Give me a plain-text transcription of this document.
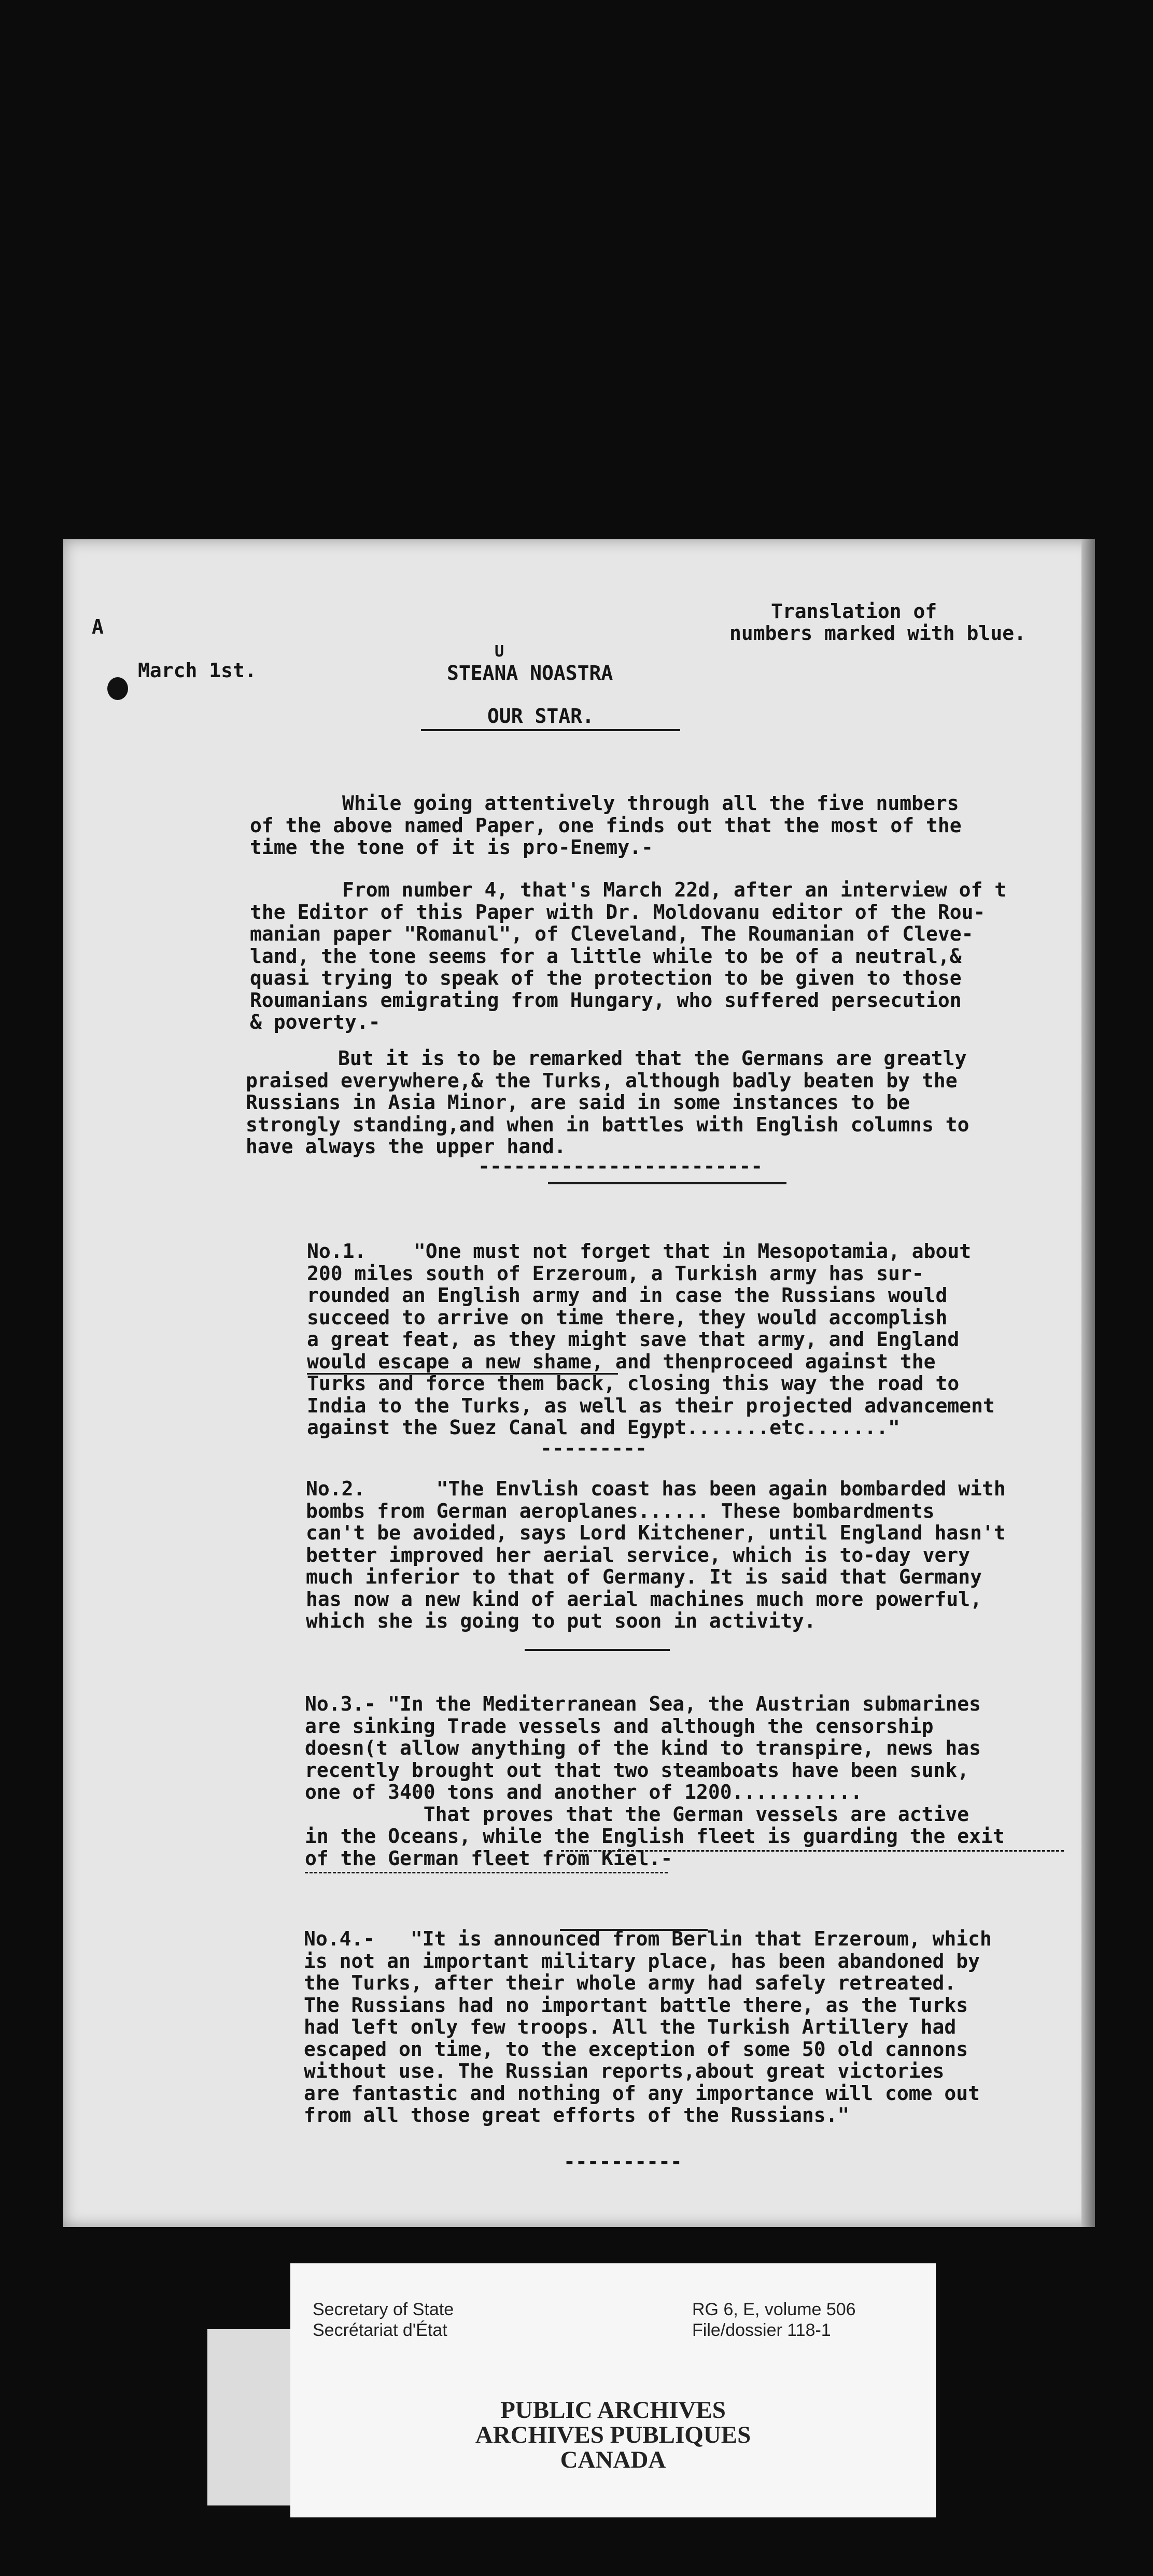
Translation of
numbers marked with blue.
A
March 1st.
U
STEANA NOASTRA
OUR STAR.
While going attentively through all the five numbers
of the above named Paper, one finds out that the most of the
time the tone of it is pro-Enemy.-
From number 4, that's March 22d, after an interview of t
the Editor of this Paper with Dr. Moldovanu editor of the Rou-
manian paper "Romanul", of Cleveland, The Roumanian of Cleve-
land, the tone seems for a little while to be of a neutral,&
quasi trying to speak of the protection to be given to those
Roumanians emigrating from Hungary, who suffered persecution
& poverty.-
But it is to be remarked that the Germans are greatly
praised everywhere,& the Turks, although badly beaten by the
Russians in Asia Minor, are said in some instances to be
strongly standing,and when in battles with English columns to
have always the upper hand.
------------------------
No.1.    "One must not forget that in Mesopotamia, about
200 miles south of Erzeroum, a Turkish army has sur-
rounded an English army and in case the Russians would
succeed to arrive on time there, they would accomplish
a great feat, as they might save that army, and England
would escape a new shame, and thenproceed against the
Turks and force them back, closing this way the road to
India to the Turks, as well as their projected advancement
against the Suez Canal and Egypt.......etc......."
---------
No.2.      "The Envlish coast has been again bombarded with
bombs from German aeroplanes...... These bombardments
can't be avoided, says Lord Kitchener, until England hasn't
better improved her aerial service, which is to-day very
much inferior to that of Germany. It is said that Germany
has now a new kind of aerial machines much more powerful,
which she is going to put soon in activity.
No.3.- "In the Mediterranean Sea, the Austrian submarines
are sinking Trade vessels and although the censorship
doesn(t allow anything of the kind to transpire, news has
recently brought out that two steamboats have been sunk,
one of 3400 tons and another of 1200...........
That proves that the German vessels are active
in the Oceans, while the English fleet is guarding the exit
of the German fleet from Kiel.-
No.4.-   "It is announced from Berlin that Erzeroum, which
is not an important military place, has been abandoned by
the Turks, after their whole army had safely retreated.
The Russians had no important battle there, as the Turks
had left only few troops. All the Turkish Artillery had
escaped on time, to the exception of some 50 old cannons
without use. The Russian reports,about great victories
are fantastic and nothing of any importance will come out
from all those great efforts of the Russians."
----------
Secretary of State
Secrétariat d'État
RG 6, E, volume 506
File/dossier 118-1
PUBLIC ARCHIVES
ARCHIVES PUBLIQUES
CANADA
